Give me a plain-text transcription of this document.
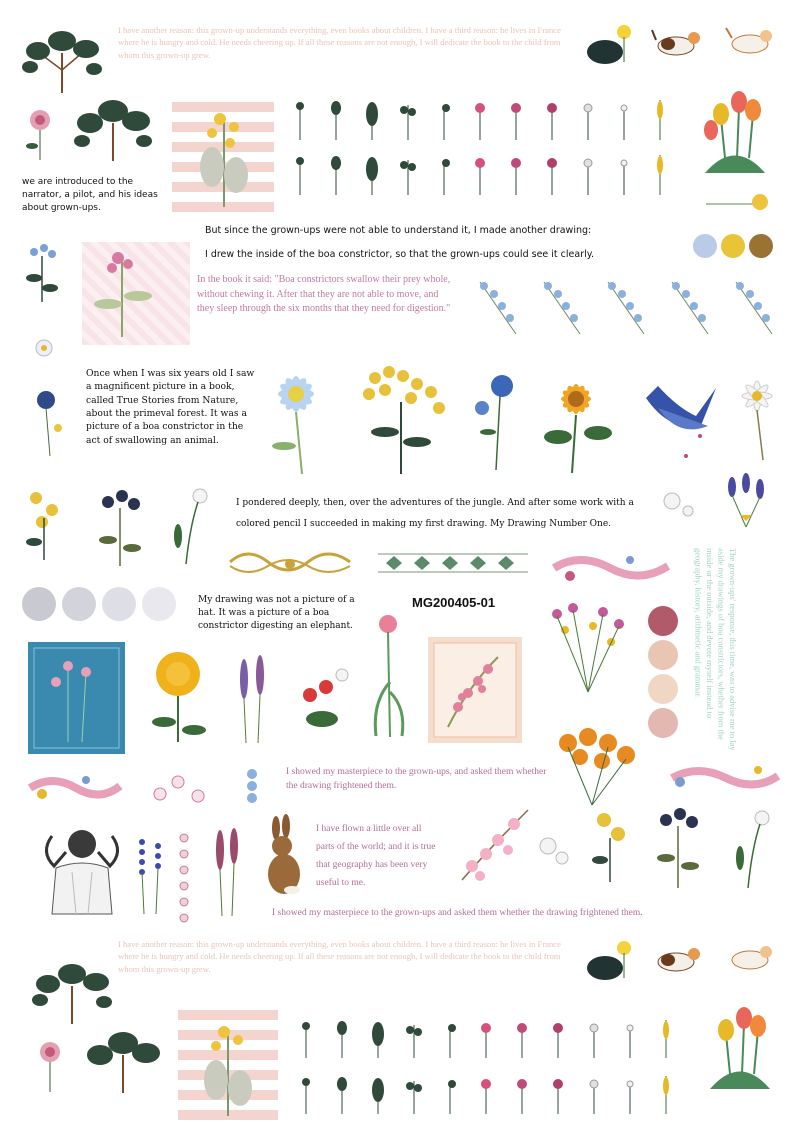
I have another reason: this grown-up understands everything, even books about children. I have a third reason: he lives in France where he is hungry and cold. He needs cheering up. If all these reasons are not enough, I will dedicate the book to the child from whom this grown-up grew.
we are introduced to the narrator, a pilot, and his ideas about grown-ups.
But since the grown-ups were not able to understand it, I made another drawing:
I drew the inside of the boa constrictor, so that the grown-ups could see it clearly.
In the book it said: "Boa constrictors swallow their prey whole, without chewing it. After that they are not able to move, and they sleep through the six months that they need for digestion."
Once when I was six years old I saw a magnificent picture in a book, called True Stories from Nature, about the primeval forest. It was a picture of a boa constrictor in the act of swallowing an animal.
I pondered deeply, then, over the adventures of the jungle. And after some work with a colored pencil I succeeded in making my first drawing. My Drawing Number One.
My drawing was not a picture of a hat. It was a picture of a boa constrictor digesting an elephant.
MG200405-01	The grown-ups' response, this time, was to advise me to lay aside my drawings of boa constrictors, whether from the inside or the outside, and devote myself instead to geography, history, arithmetic and grammar.
I showed my masterpiece to the grown-ups, and asked them whether the drawing frightened them.
I have flown a little over all parts of the world; and it is true that geography has been very useful to me.
I showed my masterpiece to the grown-ups and asked them whether the drawing frightened them.
I have another reason: this grown-up understands everything, even books about children. I have a third reason: he lives in France where he is hungry and cold. He needs cheering up. If all these reasons are not enough, I will dedicate the book to the child from whom this grown-up grew.
